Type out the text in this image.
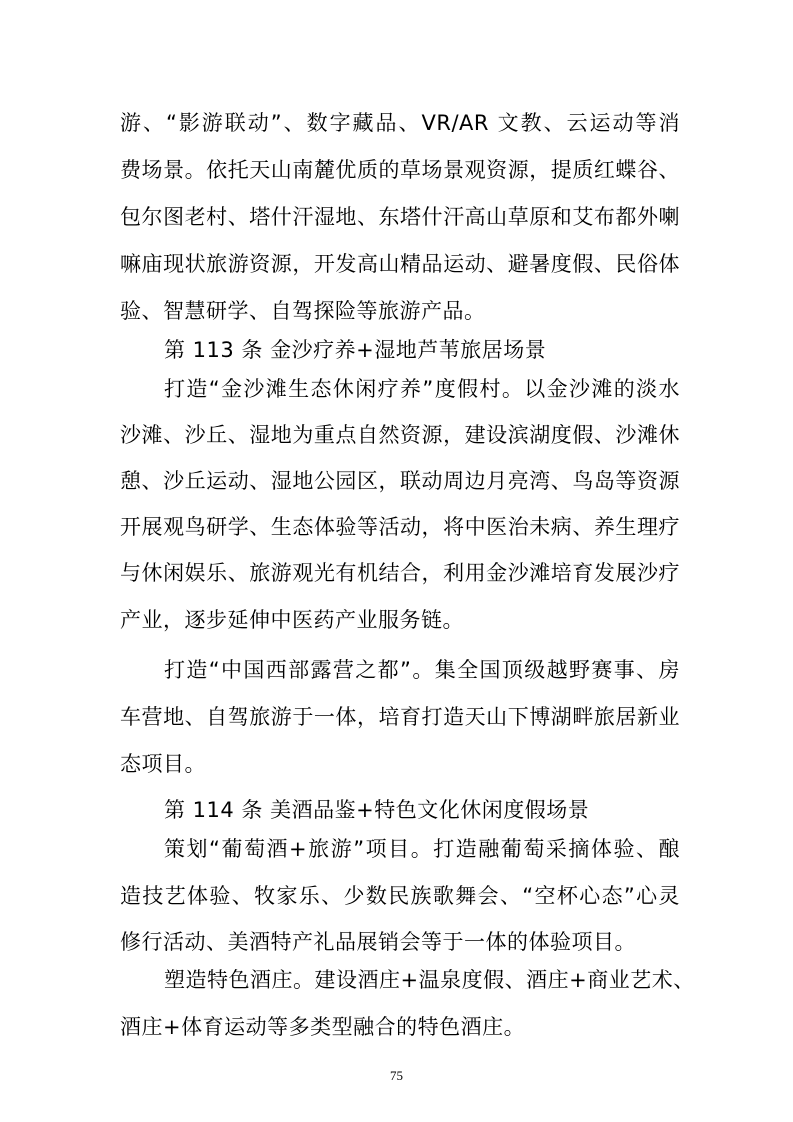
游、“影游联动”、数字藏品、VR/AR 文教、云运动等消
费场景。依托天山南麓优质的草场景观资源，提质红蝶谷、
包尔图老村、塔什汗湿地、东塔什汗高山草原和艾布都外喇
嘛庙现状旅游资源，开发高山精品运动、避暑度假、民俗体
验、智慧研学、自驾探险等旅游产品。
第 113 条 金沙疗养+湿地芦苇旅居场景
打造“金沙滩生态休闲疗养”度假村。以金沙滩的淡水
沙滩、沙丘、湿地为重点自然资源，建设滨湖度假、沙滩休
憩、沙丘运动、湿地公园区，联动周边月亮湾、鸟岛等资源
开展观鸟研学、生态体验等活动，将中医治未病、养生理疗
与休闲娱乐、旅游观光有机结合，利用金沙滩培育发展沙疗
产业，逐步延伸中医药产业服务链。
打造“中国西部露营之都”。集全国顶级越野赛事、房
车营地、自驾旅游于一体，培育打造天山下博湖畔旅居新业
态项目。
第 114 条 美酒品鉴+特色文化休闲度假场景
策划“葡萄酒+旅游”项目。打造融葡萄采摘体验、酿
造技艺体验、牧家乐、少数民族歌舞会、“空杯心态”心灵
修行活动、美酒特产礼品展销会等于一体的体验项目。
塑造特色酒庄。建设酒庄+温泉度假、酒庄+商业艺术、
酒庄+体育运动等多类型融合的特色酒庄。
75
